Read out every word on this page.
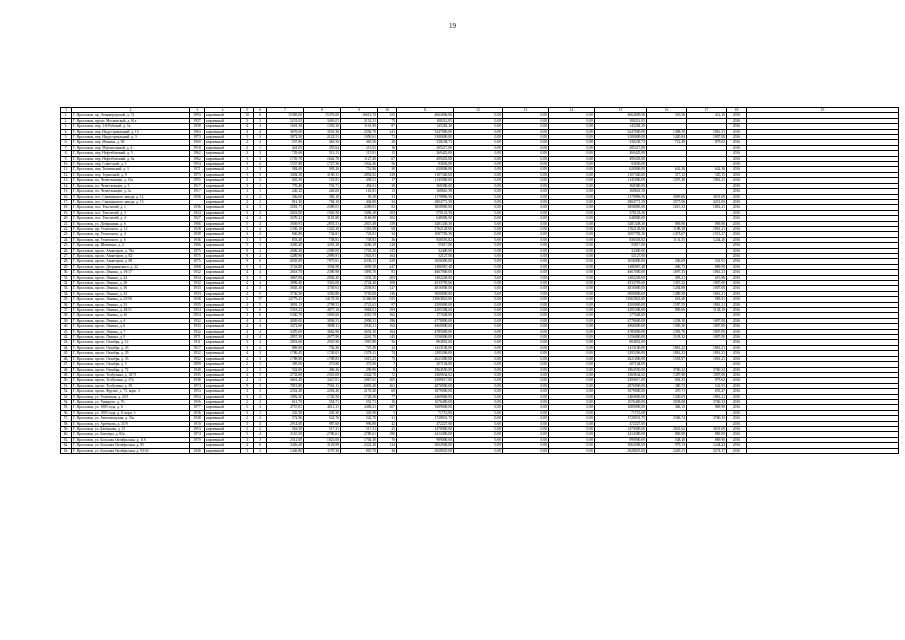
19
1	2	3	4	5	6	7	8	9	10	11	12	13	14	15	16	17	18	19
1.	Г. Ярославль, пр. Ленинградский, д. 72	1993	кирпичный	10	6	15369,00	15376,00	16613,70	155	4664006,06	0,00	0,00	0,00	4664000,06	319,56	412,10	2016	
2.	Г. Ярославль, просп. Московский, д. 61а	1937	кирпичный	3	3	3231,03	3463,01	2132,31	75	108212,05	0,00	0,00	0,00	108212,05			2016	
3.	Г. Ярославль, пер. 1-й Рабочий, д. 5а	1958	кирпичный	4	4	1601,30	1503,30	1101,90	87	145282,20	0,00	0,00	0,00	145282,20			2016	
4.	Г. Ярославль, пер. Индустриальный, д. 15	1963	кирпичный	4	4	3676,00	3501,30	2556,70	141	5247000,00	0,00	0,00	0,00	5247000,00	1498,59	1861,21	2016	
5.	Г. Ярославль, пер. Индустриальный, д. 3	1973	кирпичный	3	3	3072,50	2123,51	1050,61	71	3100000,00	0,00	0,00	0,00	3100000,00	1420,84	1807,00	2016	
6.	Г. Ярославль, пер. Минина, д. 38	1969	кирпичный	2	2	537,86	463,56	463,56	20	338238,73	0,00	0,00	0,00	338238,73	712,49	879,62	2016	
7.	Г. Ярославль, пер. Мукомольный, д. 4	1918	кирпичный	2	1	441,05	355,64	215,61	16	295217,00	0,00	0,00	0,00	295217,00			2016	
8.	Г. Ярославль, пер. Нефтебазовый, д. 5	1962	кирпичный	3	3	729,60	512,11	115,91	13	269425,00	0,00	0,00	0,00	269425,00			2016	
9.	Г. Ярославль, пер. Нефтебазовый, д. 5а	1962	кирпичный	3	3	1729,70	1626,70	1127,40	67	499433,00	0,00	0,00	0,00	499433,00			2016	
10.	Г. Ярославль, пер. Советский, д. 3	1954	кирпичный	3	2	1537,80	1727,30	1042,46	56	93656,00	0,00	0,00	0,00	93656,00			2016	
11.	Г. Ярославль, пер. Тихвинский, д. 3	1971	кирпичный	3	3	984,00	983,20	751,86	30	620006,00	0,00	0,00	0,00	620006,00	642,36	642,36	2016	
12.	Г. Ярославль, пер. Тормозной, д. 9	1973	кирпичный	3	3	3494,30	3190,31	2892,82	129	1107340,60	0,00	0,00	0,00	1107340,60	317,12	520,15	2016	
13.	Г. Ярославль, пл. Челюскинцев, д. 15а	1955	кирпичный	3	2	845,30	725,81	458,51	17	1145000,00	0,00	0,00	0,00	1145000,00	1597,48	1861,21	2016	
14.	Г. Ярославль, пл. Челюскинцев, д. 3	1917	кирпичный	3	1	776,40	701,71	494,61	30	368380,00	0,00	0,00	0,00	368380,00			2016	
15.	Г. Ярославль, пл. Челюскинцев, д. 5а	1917	кирпичный	3	1	246,32	226,00	161,81	13	168661,50	0,00	0,00	0,00	168661,50			2016	
16.	Г. Ярославль, пос. Снежинского завода, д. 12	1958	кирпичный	2	2	436,60	392,10	95,30	31	1179896,56	0,00	0,00	0,00	1179896,56	3009,06	3651,00	2016	
17.	Г. Ярославль, пос. Снежинского завода, д. 13		кирпичный	2	2	812,30	784,10	404,80	34	2804771,50	0,00	0,00	0,00	2804771,50	3577,06	4251,00	2016	
18.	Г. Ярославль, пос. Текстилей, д. 1	1936	кирпичный	4	3	2581,71	2389,01	2389,01	82	3858085,00	0,00	0,00	0,00	3858085,00	1615,33	1861,21	2016	
19.	Г. Ярославль, пос. Текстилей, д. 3	1924	кирпичный	3	3	2623,00	1926,50	1696,10	103	570123,50	0,00	0,00	0,00	570123,50			2016	
20.	Г. Ярославль, пос. Текстилей, д. 4	1927	кирпичный	4	4	3370,21	3181,80	3166,90	102	648000,00	0,00	0,00	0,00	648000,00			2016	
21.	Г. Ярославль, ул. Добрынина, д. 6	1966	кирпичный	5	4	3049,91	2855,51	2815,49	159	3481438,30	0,00	0,00	0,00	3481438,30	869,90	869,90	2016	
22.	Г. Ярославль, пр. Угличского, д. 12	1928	кирпичный	3	4	1336,10	1323,30	1363,98	68	1762128,00	0,00	0,00	0,00	1762128,00	1188,38	1861,21	2016	
23.	Г. Ярославль, пр. Угличского, д. 4	1938	кирпичный	3	2	846,80	734,81	743,81	34	1097783,50	0,00	0,00	0,00	1097783,50	1473,67	1513,27	2016	
24.	Г. Ярославль, пр. Угличского, д. 6	1936	кирпичный	3	3	853,40	738,81	738,81	36	836503,82	0,00	0,00	0,00	836503,82	1131,55	1244,26	2016	
25.	Г. Ярославль, пр. Шевченко, д. 2	1966	кирпичный	5	3	3450,40	3291,20	3266,18	120	55817,00	0,00	0,00	0,00	55817,00			2016	
26.	Г. Ярославль, просп. Авиаторов, д. 78а	1975	кирпичный	9	2	2606,30	2389,00	1703,20	125	32400,00	0,00	0,00	0,00	32400,00			2016	
27.	Г. Ярославль, просп. Авиаторов, д. 82	1975	кирпичный	9	2	3289,90	2999,81	1945,81	104	52127,00	0,00	0,00	0,00	52127,00			2016	
28.	Г. Ярославль, просп. Авиаторов, д. 88	1975	кирпичный	9	6	6035,00	7875,61	6336,11	329	1656000,00	0,00	0,00	0,00	1656000,00	206,08	541,91	2016	
29.	Г. Ярославль, просп. Дзержинского, д. 22	1968	кирпичный	5	4	3743,80	3504,90	3059,50	247	1486967,48	0,00	0,00	0,00	1486967,48	406,73	869,90	2016	
30.	Г. Ярославль, просп. Ленина, д. 19/17	1932	кирпичный	4	4	2618,70	2390,90	1893,70	81	4667000,00	0,00	0,00	0,00	4667000,00	1697,35	1861,21	2016	
31.	Г. Ярославль, просп. Ленина, д. 24	1934	кирпичный	3	3	3867,00	2830,45	1033,10	205	1402249,00	0,00	0,00	0,00	1402249,00	495,21	615,96	2016	
32.	Г. Ярославль, просп. Ленина, д. 28	1932	кирпичный	4	4	3909,40	3316,00	2724,40	108	4533795,60	0,00	0,00	0,00	4533795,60	1367,22	1807,00	2016	
33.	Г. Ярославль, просп. Ленина, д. 30	1933	кирпичный	4	3	3945,30	3749,61	2539,81	127	4816000,00	0,00	0,00	0,00	4816000,00	1284,88	1807,00	2016	
34.	Г. Ярославль, просп. Ленина, д. 32	1933	кирпичный	4	5	3736,50	3356,80	3750,60	136	5000000,00	0,00	0,00	0,00	5000000,00	1489,58	1861,21	2016	
35.	Г. Ярославль, просп. Ленина, д. 25/50	1938	кирпичный	5	17	14779,41	14178,50	11366,90	555	13063823,00	0,00	0,00	0,00	13063823,00	923,40	983,91	2016	
36.	Г. Ярославль, просп. Ленина, д. 33	1935	кирпичный	4	5	3891,15	2798,51	2721,61	97	4500000,00	0,00	0,00	0,00	4500000,00	1587,55	1861,21	2016	
37.	Г. Ярославль, просп. Ленина, д. 28/51	1954	кирпичный	5	6	5318,23	4877,10	3884,61	193	4295308,00	0,00	0,00	0,00	4295308,00	809,66	1138,10	2016	
38.	Г. Ярославль, просп. Ленина, д. 3б	1954	кирпичный	3	6	5340,70	5083,60	4310,78	162	177648,00	0,00	0,00	0,00	177648,00			2016	
39.	Г. Ярославль, просп. Ленина, д. 4	1932	кирпичный	4	4	4049,00	3836,51	2908,31	186	4778000,00	0,00	0,00	0,00	4778000,00	1238,18	1807,00	2016	
40.	Г. Ярославль, просп. Ленина, д. 6	1933	кирпичный	4	4	3472,60	3808,11	2943,11	162	4860000,00	0,00	0,00	0,00	4860000,00	1383,56	1807,00	2016	
41.	Г. Ярославль, просп. Ленина, д. 7	1932	кирпичный	4	4	3470,00	3662,90	2652,10	164	4785000,00	0,00	0,00	0,00	4785000,00	1393,76	1807,00	2016	
42.	Г. Ярославль, просп. Ленина, д. 9	1971	кирпичный	4	4	2857,30	2677,90	2241,70	145	3156000,00	0,00	0,00	0,00	3156000,00	1103,32	1807,00	2016	
43.	Г. Ярославль, просп. Октября, д. 12	1911	кирпичный	3	2	2853,60	2925,90	1967,80	56	804852,00	0,00	0,00	0,00	804852,00			2016	
44.	Г. Ярославль, просп. Октября, д. 23	1917	кирпичный	3	2	869,00	756,26	747,49	22	1413100,00	0,00	0,00	0,00	1413100,00	1861,22	1861,21	2016	
45.	Г. Ярославль, просп. Октября, д. 29	1932	кирпичный	4	3	1786,45	1749,01	1578,21	74	3295296,00	0,00	0,00	0,00	3295296,00	1861,22	1861,21	2016	
46.	Г. Ярославль, просп. Октября, д. 33	1932	кирпичный	4	3	1788,80	1708,83	1613,23	75	2621000,00	0,00	0,00	0,00	2621000,00	1503,97	1861,21	2016	
47.	Г. Ярославль, просп. Октября, д. 5	1899	кирпичный	2	1	385,00	373,80	373,80	7	207104,00	0,00	0,00	0,00	207104,00			2016	
48.	Г. Ярославль, просп. Октября, д. 72	1949	кирпичный	2	2	522,06	496,26	299,80	8	1864550,00	0,00	0,00	0,00	1864550,00	3760,32	3760,32	2016	
49.	Г. Ярославль, просп. Толбухина, д. 10/71	1935	кирпичный	4	5	2733,80	2318,00	2342,70	72	3369634,02	0,00	0,00	0,00	3369634,02	1387,90	1807,00	2016	
50.	Г. Ярославль, просп. Толбухина, д. 37а	1938	кирпичный	4	4	3661,40	3427,01	2867,61	205	2399617,00	0,00	0,00	0,00	2399617,00	692,33	879,62	2016	
51.	Г. Ярославль, просп. Толбухина, д. 39	1974	кирпичный	9	3	7815,80	7561,11	6003,40	261	2876900,00	0,00	0,00	0,00	2876900,00	380,73	541,91	2016	
52.	Г. Ярославль, просп. Фрунзе, д. 75, корп. 3	1953	кирпичный	3	3	2352,40	2292,40	2170,40	60	1079000,00	0,00	0,00	0,00	1079000,00	470,71	835,47	2016	
53.	Г. Ярославль, ул. Угличская, д. 20/1	1954	кирпичный	3	4	1892,20	1726,50	1728,30	77	2469000,00	0,00	0,00	0,00	2469000,00	1430,03	1861,21	2016	
54.	Г. Ярославль, ул. Урицкого, д. 70	1956	кирпичный	2	2	611,70	554,71	551,71	16	1676400,00	0,00	0,00	0,00	1676400,00	3038,68	3760,33	2016	
55.	Г. Ярославль, ул. 1905 года, д. 6	1977	кирпичный	5	4	4757,01	4611,31	4306,21	207	1689000,00	0,00	0,00	0,00	1689000,00	366,15	869,90	2016	
56.	Г. Ярославль, ул. 1905 года, д. 8, корп. 3	1936	кирпичный	3	1	245,50	245,30	245,90	5	71713,00	0,00	0,00	0,00	71713,00			2016	
57.	Г. Ярославль, ул. Автозаводская, д. 33а	1948	кирпичный	2	2	572,96	522,76	522,70	21	1728031,75	0,00	0,00	0,00	1728031,75	3306,74	3760,33	2016	
58.	Г. Ярославль, ул. Артёмова, д. 25/9	1918	кирпичный	3	3	2914,00	987,60	996,80	42	472227,00	0,00	0,00	0,00	472227,00			2016	
59.	Г. Ярославль, ул. Батенкова, д. 15	1953	кирпичный	2	2	563,50	517,31	517,31	25	1470000,00	0,00	0,00	0,00	1470000,00	2841,62	3651,00	2016	
60.	Г. Ярославль, ул. Блюхера, д. 82а	1974	кирпичный	5	4	3110,50	2780,61	2780,61	180	2414380,00	0,00	0,00	0,00	2414380,00	869,90	869,90	2016	
61.	Г. Ярославль, ул. Большая Октябрьская, д. 118	1970	кирпичный	3	3	2512,00	1825,00	1704,30	76	999000,00	0,00	0,00	0,00	999000,00	548,40	869,90	2016	
62.	Г. Ярославль, ул. Большая Октябрьская, д. 85		кирпичный	4	6	3426,40	3129,90	2322,40	134	3064568,00	0,00	0,00	0,00	3064568,00	979,13	1244,24	2016	
63.	Г. Ярославль, ул. Большая Октябрьская, д. 93/43	1940	кирпичный	3	3	1449,80	1197,30	810,70	36	2928025,00	0,00	0,00	0,00	2928025,00	2445,51	3274,37	2016	
